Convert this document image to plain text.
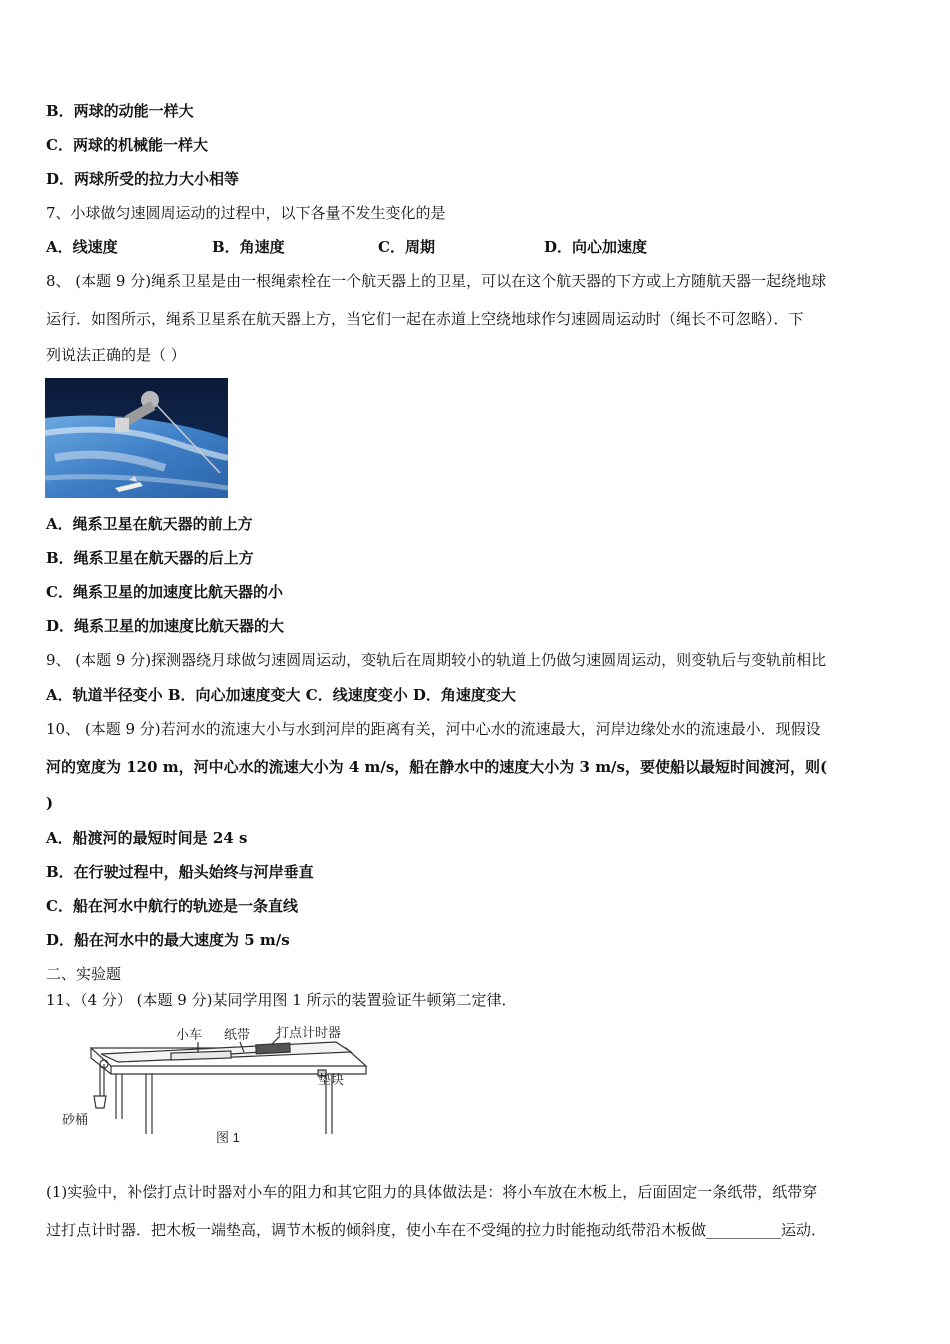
B．两球的动能一样大
C．两球的机械能一样大
D．两球所受的拉力大小相等
7、小球做匀速圆周运动的过程中，以下各量不发生变化的是
A．线速度	B．角速度	C．周期	D．向心加速度
8、 (本题 9 分)绳系卫星是由一根绳索栓在一个航天器上的卫星，可以在这个航天器的下方或上方随航天器一起绕地球
运行．如图所示，绳系卫星系在航天器上方，当它们一起在赤道上空绕地球作匀速圆周运动时（绳长不可忽略）．下
列说法正确的是（ ）
A．绳系卫星在航天器的前上方
B．绳系卫星在航天器的后上方
C．绳系卫星的加速度比航天器的小
D．绳系卫星的加速度比航天器的大
9、 (本题 9 分)探测器绕月球做匀速圆周运动，变轨后在周期较小的轨道上仍做匀速圆周运动，则变轨后与变轨前相比
A．轨道半径变小 B．向心加速度变大 C．线速度变小 D．角速度变大
10、 (本题 9 分)若河水的流速大小与水到河岸的距离有关，河中心水的流速最大，河岸边缘处水的流速最小．现假设
河的宽度为 120 m，河中心水的流速大小为 4 m/s，船在静水中的速度大小为 3 m/s，要使船以最短时间渡河，则(
)
A．船渡河的最短时间是 24 s
B．在行驶过程中，船头始终与河岸垂直
C．船在河水中航行的轨迹是一条直线
D．船在河水中的最大速度为 5 m/s
二、实验题
11、（4 分） (本题 9 分)某同学用图 1 所示的装置验证牛顿第二定律．
小车 纸带 打点计时器
垫块
砂桶
图 1
(1)实验中，补偿打点计时器对小车的阻力和其它阻力的具体做法是：将小车放在木板上，后面固定一条纸带，纸带穿
过打点计时器．把木板一端垫高，调节木板的倾斜度，使小车在不受绳的拉力时能拖动纸带沿木板做__________运动．
